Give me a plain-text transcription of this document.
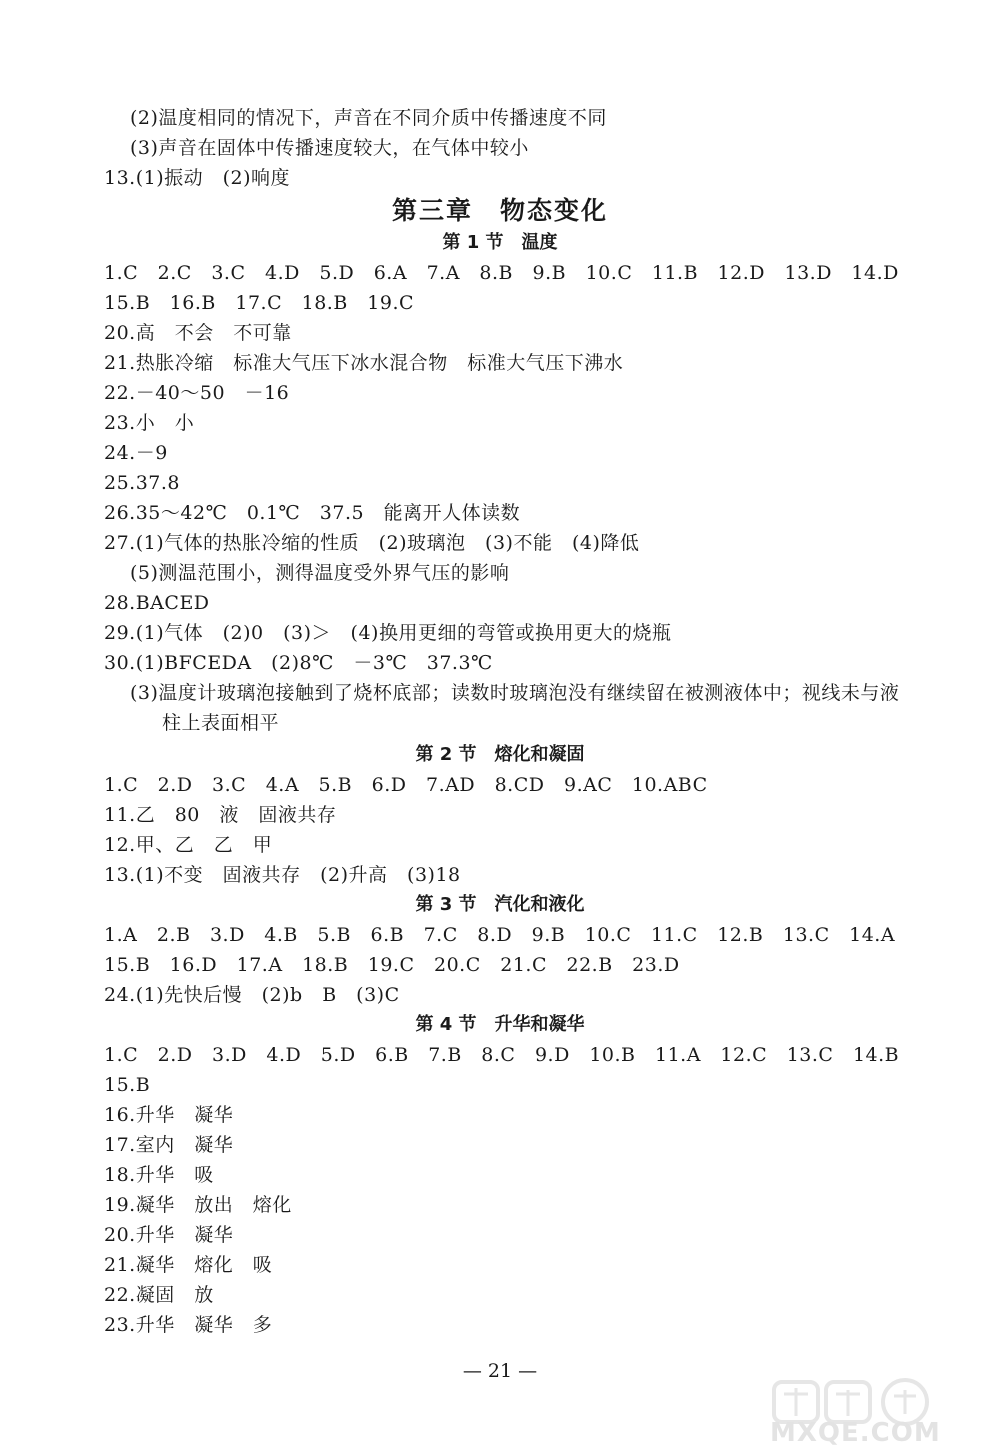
(2)温度相同的情况下，声音在不同介质中传播速度不同
(3)声音在固体中传播速度较大，在气体中较小
13.(1)振动　(2)响度
第三章　物态变化
第 1 节　温度
1.C　2.C　3.C　4.D　5.D　6.A　7.A　8.B　9.B　10.C　11.B　12.D　13.D　14.D
15.B　16.B　17.C　18.B　19.C
20.高　不会　不可靠
21.热胀冷缩　标准大气压下冰水混合物　标准大气压下沸水
22.－40～50　－16
23.小　小
24.－9
25.37.8
26.35～42℃　0.1℃　37.5　能离开人体读数
27.(1)气体的热胀冷缩的性质　(2)玻璃泡　(3)不能　(4)降低
(5)测温范围小，测得温度受外界气压的影响
28.BACED
29.(1)气体　(2)0　(3)＞　(4)换用更细的弯管或换用更大的烧瓶
30.(1)BFCEDA　(2)8℃　－3℃　37.3℃
(3)温度计玻璃泡接触到了烧杯底部；读数时玻璃泡没有继续留在被测液体中；视线未与液
柱上表面相平
第 2 节　熔化和凝固
1.C　2.D　3.C　4.A　5.B　6.D　7.AD　8.CD　9.AC　10.ABC
11.乙　80　液　固液共存
12.甲、乙　乙　甲
13.(1)不变　固液共存　(2)升高　(3)18
第 3 节　汽化和液化
1.A　2.B　3.D　4.B　5.B　6.B　7.C　8.D　9.B　10.C　11.C　12.B　13.C　14.A
15.B　16.D　17.A　18.B　19.C　20.C　21.C　22.B　23.D
24.(1)先快后慢　(2)b　B　(3)C
第 4 节　升华和凝华
1.C　2.D　3.D　4.D　5.D　6.B　7.B　8.C　9.D　10.B　11.A　12.C　13.C　14.B
15.B
16.升华　凝华
17.室内　凝华
18.升华　吸
19.凝华　放出　熔化
20.升华　凝华
21.凝华　熔化　吸
22.凝固　放
23.升华　凝华　多
— 21 —
MXQE.COM
